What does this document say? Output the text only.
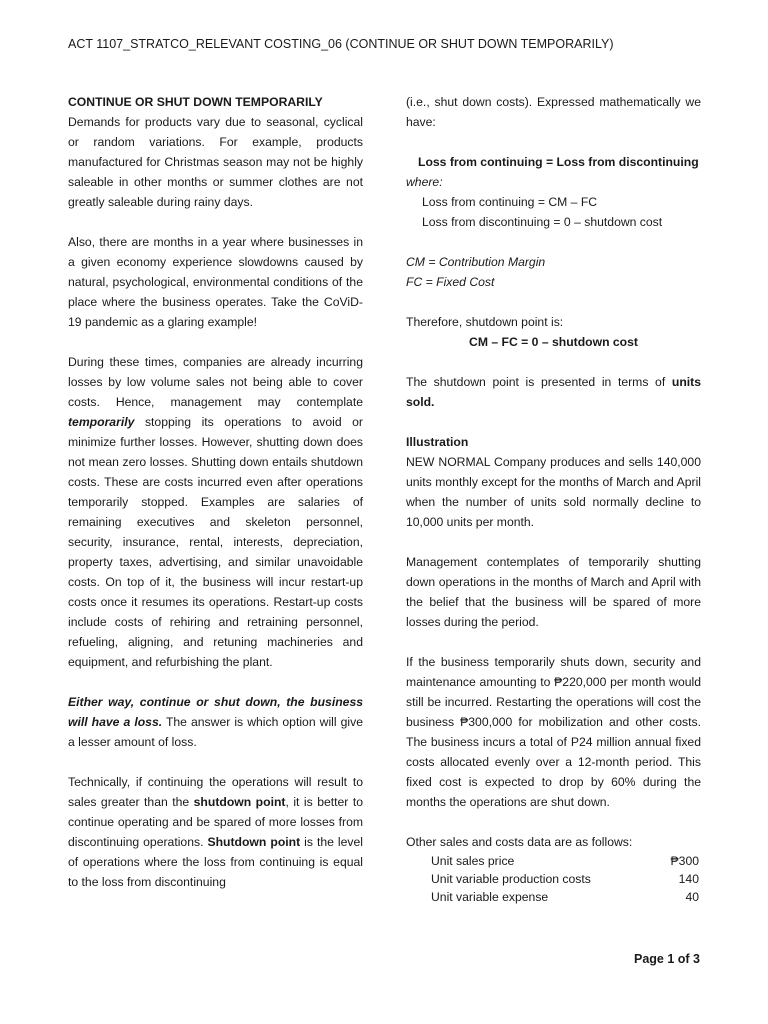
ACT 1107_STRATCO_RELEVANT COSTING_06 (CONTINUE OR SHUT DOWN TEMPORARILY)
CONTINUE OR SHUT DOWN TEMPORARILY

Demands for products vary due to seasonal, cyclical or random variations. For example, products manufactured for Christmas season may not be highly saleable in other months or summer clothes are not greatly saleable during rainy days.

Also, there are months in a year where businesses in a given economy experience slowdowns caused by natural, psychological, environmental conditions of the place where the business operates. Take the CoViD-19 pandemic as a glaring example!

During these times, companies are already incurring losses by low volume sales not being able to cover costs. Hence, management may contemplate temporarily stopping its operations to avoid or minimize further losses. However, shutting down does not mean zero losses. Shutting down entails shutdown costs. These are costs incurred even after operations temporarily stopped. Examples are salaries of remaining executives and skeleton personnel, security, insurance, rental, interests, depreciation, property taxes, advertising, and similar unavoidable costs. On top of it, the business will incur restart-up costs once it resumes its operations. Restart-up costs include costs of rehiring and retraining personnel, refueling, aligning, and retuning machineries and equipment, and refurbishing the plant.

Either way, continue or shut down, the business will have a loss. The answer is which option will give a lesser amount of loss.

Technically, if continuing the operations will result to sales greater than the shutdown point, it is better to continue operating and be spared of more losses from discontinuing operations. Shutdown point is the level of operations where the loss from continuing is equal to the loss from discontinuing

(i.e., shut down costs). Expressed mathematically we have:

Loss from continuing = Loss from discontinuing
where:
Loss from continuing = CM – FC
Loss from discontinuing = 0 – shutdown cost
CM = Contribution Margin
FC = Fixed Cost
Therefore, shutdown point is:
CM – FC = 0 – shutdown cost

The shutdown point is presented in terms of units sold.

Illustration

NEW NORMAL Company produces and sells 140,000 units monthly except for the months of March and April when the number of units sold normally decline to 10,000 units per month.

Management contemplates of temporarily shutting down operations in the months of March and April with the belief that the business will be spared of more losses during the period.

If the business temporarily shuts down, security and maintenance amounting to ₱220,000 per month would still be incurred. Restarting the operations will cost the business ₱300,000 for mobilization and other costs. The business incurs a total of P24 million annual fixed costs allocated evenly over a 12-month period. This fixed cost is expected to drop by 60% during the months the operations are shut down.

Other sales and costs data are as follows:
Unit sales price	₱300
Unit variable production costs	140
Unit variable expense	40
Page 1 of 3
